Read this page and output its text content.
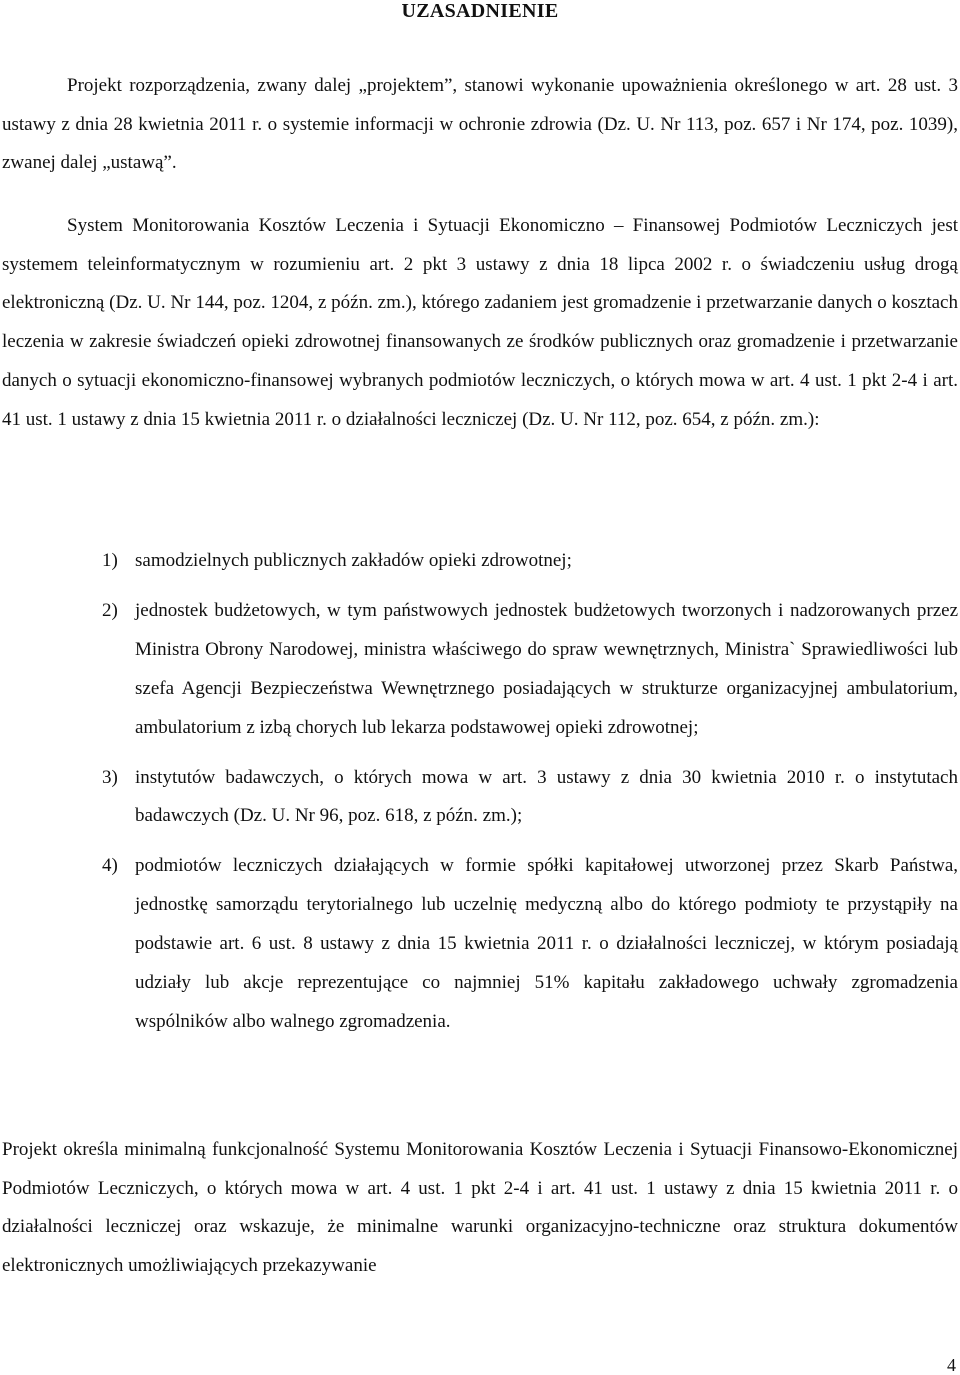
UZASADNIENIE

Projekt rozporządzenia, zwany dalej „projektem”, stanowi wykonanie upoważnienia określonego w art. 28 ust. 3 ustawy z dnia 28 kwietnia 2011 r. o systemie informacji w ochronie zdrowia (Dz. U. Nr 113, poz. 657 i Nr 174, poz. 1039), zwanej dalej „ustawą”.

System Monitorowania Kosztów Leczenia i Sytuacji Ekonomiczno – Finansowej Podmiotów Leczniczych jest systemem teleinformatycznym w rozumieniu art. 2 pkt 3 ustawy z dnia 18 lipca 2002 r. o świadczeniu usług drogą elektroniczną (Dz. U. Nr 144, poz. 1204, z późn. zm.), którego zadaniem jest gromadzenie i przetwarzanie danych o kosztach leczenia w zakresie świadczeń opieki zdrowotnej finansowanych ze środków publicznych oraz gromadzenie i przetwarzanie danych o sytuacji ekonomiczno-finansowej wybranych podmiotów leczniczych, o których mowa w art. 4 ust. 1 pkt 2-4 i art. 41 ust. 1 ustawy z dnia 15 kwietnia 2011 r. o działalności leczniczej (Dz. U. Nr 112, poz. 654, z późn. zm.):

1) samodzielnych publicznych zakładów opieki zdrowotnej;
2) jednostek budżetowych, w tym państwowych jednostek budżetowych tworzonych i nadzorowanych przez Ministra Obrony Narodowej, ministra właściwego do spraw wewnętrznych, Ministra` Sprawiedliwości lub szefa Agencji Bezpieczeństwa Wewnętrznego posiadających w strukturze organizacyjnej ambulatorium, ambulatorium z izbą chorych lub lekarza podstawowej opieki zdrowotnej;
3) instytutów badawczych, o których mowa w art. 3 ustawy z dnia 30 kwietnia 2010 r. o instytutach badawczych (Dz. U. Nr 96, poz. 618, z późn. zm.);
4) podmiotów leczniczych działających w formie spółki kapitałowej utworzonej przez Skarb Państwa, jednostkę samorządu terytorialnego lub uczelnię medyczną albo do którego podmioty te przystąpiły na podstawie art. 6 ust. 8 ustawy z dnia 15 kwietnia 2011 r. o działalności leczniczej, w którym posiadają udziały lub akcje reprezentujące co najmniej 51% kapitału zakładowego uchwały zgromadzenia wspólników albo walnego zgromadzenia.

Projekt określa minimalną funkcjonalność Systemu Monitorowania Kosztów Leczenia i Sytuacji Finansowo-Ekonomicznej Podmiotów Leczniczych, o których mowa w art. 4 ust. 1 pkt 2-4 i art. 41 ust. 1 ustawy z dnia 15 kwietnia 2011 r. o działalności leczniczej oraz wskazuje, że minimalne warunki organizacyjno-techniczne oraz struktura dokumentów elektronicznych umożliwiających przekazywanie

4
